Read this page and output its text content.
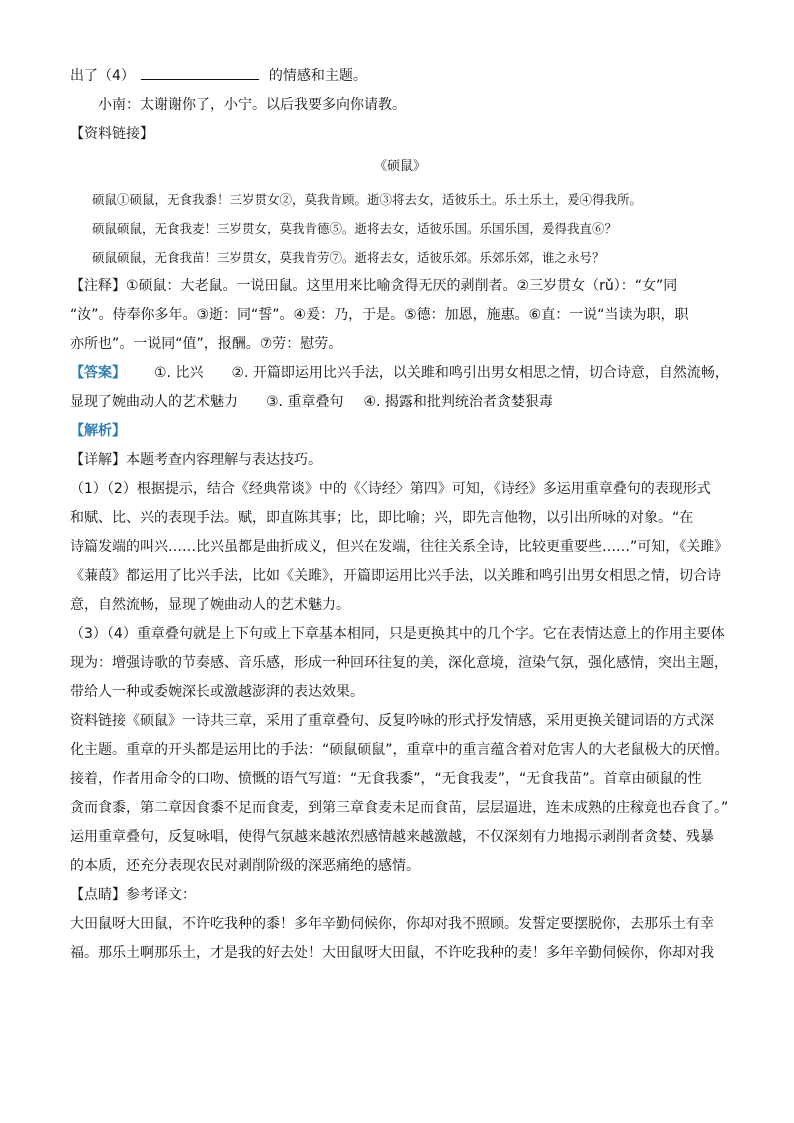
出了（4）	的情感和主题。
小南：太谢谢你了，小宁。以后我要多向你请教。
【资料链接】
《硕鼠》
硕鼠①硕鼠，无食我黍！三岁贯女②，莫我肯顾。逝③将去女，适彼乐土。乐土乐土，爰④得我所。
硕鼠硕鼠，无食我麦！三岁贯女，莫我肯德⑤。逝将去女，适彼乐国。乐国乐国，爰得我直⑥？
硕鼠硕鼠，无食我苗！三岁贯女，莫我肯劳⑦。逝将去女，适彼乐郊。乐郊乐郊，谁之永号？
【注释】①硕鼠：大老鼠。一说田鼠。这里用来比喻贪得无厌的剥削者。②三岁贯女（rǔ）：“女”同
“汝”。侍奉你多年。③逝：同“誓”。④爰：乃，于是。⑤德：加恩，施惠。⑥直：一说“当读为职，职
亦所也”。一说同“值”，报酬。⑦劳：慰劳。
【答案】 ①. 比兴 ②. 开篇即运用比兴手法，以关雎和鸣引出男女相思之情，切合诗意，自然流畅，
显现了婉曲动人的艺术魅力 ③. 重章叠句 ④. 揭露和批判统治者贪婪狠毒
【解析】
【详解】本题考查内容理解与表达技巧。
（1）（2）根据提示，结合《经典常谈》中的《〈诗经〉第四》可知，《诗经》多运用重章叠句的表现形式
和赋、比、兴的表现手法。赋，即直陈其事；比，即比喻；兴，即先言他物，以引出所咏的对象。“在
诗篇发端的叫兴……比兴虽都是曲折成义，但兴在发端，往往关系全诗，比较更重要些……”可知，《关雎》
《蒹葭》都运用了比兴手法，比如《关雎》，开篇即运用比兴手法，以关雎和鸣引出男女相思之情，切合诗
意，自然流畅，显现了婉曲动人的艺术魅力。
（3）（4）重章叠句就是上下句或上下章基本相同，只是更换其中的几个字。它在表情达意上的作用主要体
现为：增强诗歌的节奏感、音乐感，形成一种回环往复的美，深化意境，渲染气氛，强化感情，突出主题，
带给人一种或委婉深长或激越澎湃的表达效果。
资料链接《硕鼠》一诗共三章，采用了重章叠句、反复吟咏的形式抒发情感，采用更换关键词语的方式深
化主题。重章的开头都是运用比的手法：“硕鼠硕鼠”，重章中的重言蕴含着对危害人的大老鼠极大的厌憎。
接着，作者用命令的口吻、愤慨的语气写道：“无食我黍”，“无食我麦”，“无食我苗”。首章由硕鼠的性
贪而食黍，第二章因食黍不足而食麦，到第三章食麦未足而食苗，层层逼进，连未成熟的庄稼竟也吞食了。”
运用重章叠句，反复咏唱，使得气氛越来越浓烈感情越来越激越，不仅深刻有力地揭示剥削者贪婪、残暴
的本质，还充分表现农民对剥削阶级的深恶痛绝的感情。
【点睛】参考译文：
大田鼠呀大田鼠，不许吃我种的黍！多年辛勤伺候你，你却对我不照顾。发誓定要摆脱你，去那乐土有幸
福。那乐土啊那乐土，才是我的好去处！大田鼠呀大田鼠，不许吃我种的麦！多年辛勤伺候你，你却对我
